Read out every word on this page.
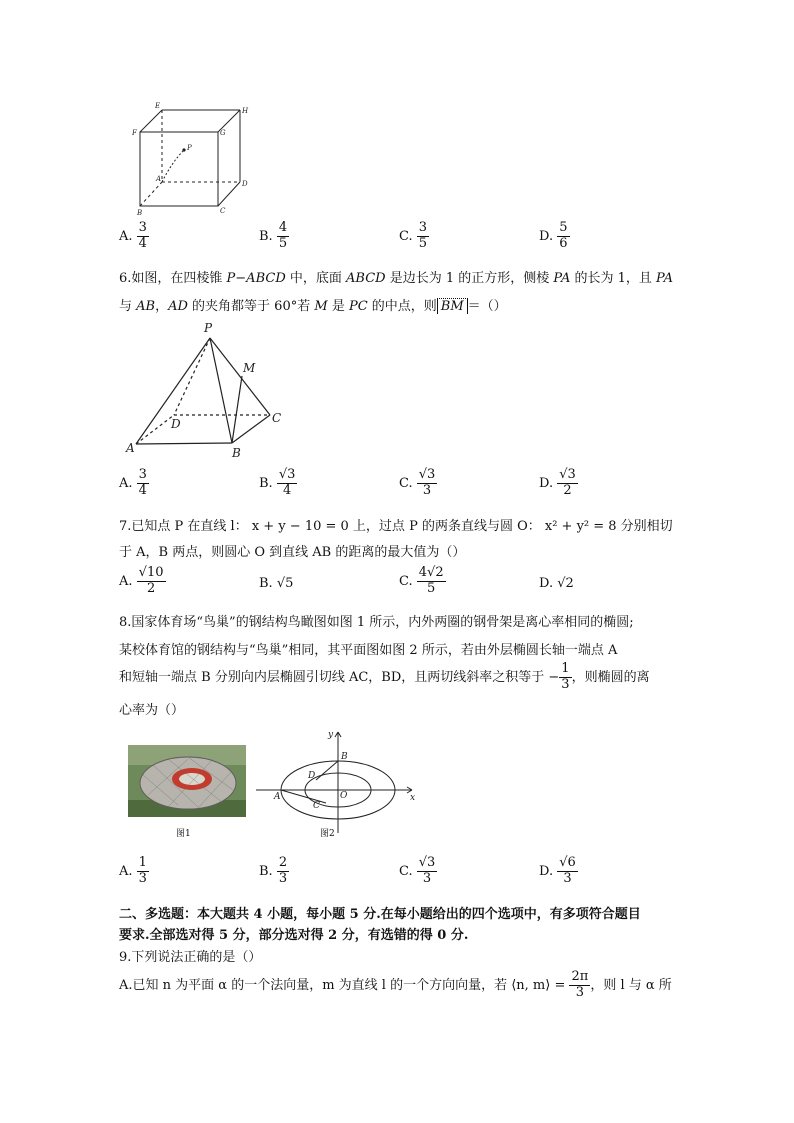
E
H
F	G
P
A
D
B	C
A. $\frac{3}{4}$	B. $\frac{4}{5}$	C. $\frac{3}{5}$	D. $\frac{5}{6}$
6.如图，在四棱锥 P−ABCD 中，底面 ABCD 是边长为 1 的正方形，侧棱 PA 的长为 1，且 PA
与 AB，AD 的夹角都等于 60°若 M 是 PC 的中点，则 BM ＝（）
P
M
D	C
A	B
A. $\frac{3}{4}$	B. $\frac{√3}{4}$	C. $\frac{√3}{3}$	D. $\frac{√3}{2}$
7.已知点 P 在直线 l： x + y − 10 = 0 上，过点 P 的两条直线与圆 O： x² + y² = 8 分别相切
于 A，B 两点，则圆心 O 到直线 AB 的距离的最大值为（）
A. $\frac{√10}{2}$	B. √5	C. $\frac{4√2}{5}$	D. √2
8.国家体育场“鸟巢”的钢结构鸟瞰图如图 1 所示，内外两圈的钢骨架是离心率相同的椭圆;
某校体育馆的钢结构与“鸟巢”相同，其平面图如图 2 所示，若由外层椭圆长轴一端点 A
和短轴一端点 B 分别向内层椭圆引切线 AC，BD，且两切线斜率之积等于 − $\frac{1}{3}$ ，则椭圆的离
心率为（）
图1
y
B
D
A
C
O	x
图2
A. $\frac{1}{3}$	B. $\frac{2}{3}$	C. $\frac{√3}{3}$	D. $\frac{√6}{3}$
二、多选题：本大题共 4 小题，每小题 5 分.在每小题给出的四个选项中，有多项符合题目
要求.全部选对得 5 分，部分选对得 2 分，有选错的得 0 分.
9.下列说法正确的是（）
A.已知 n 为平面 α 的一个法向量，m 为直线 l 的一个方向向量，若 ⟨n, m⟩ = $\frac{2\pi}{3}$ ，则 l 与 α 所
